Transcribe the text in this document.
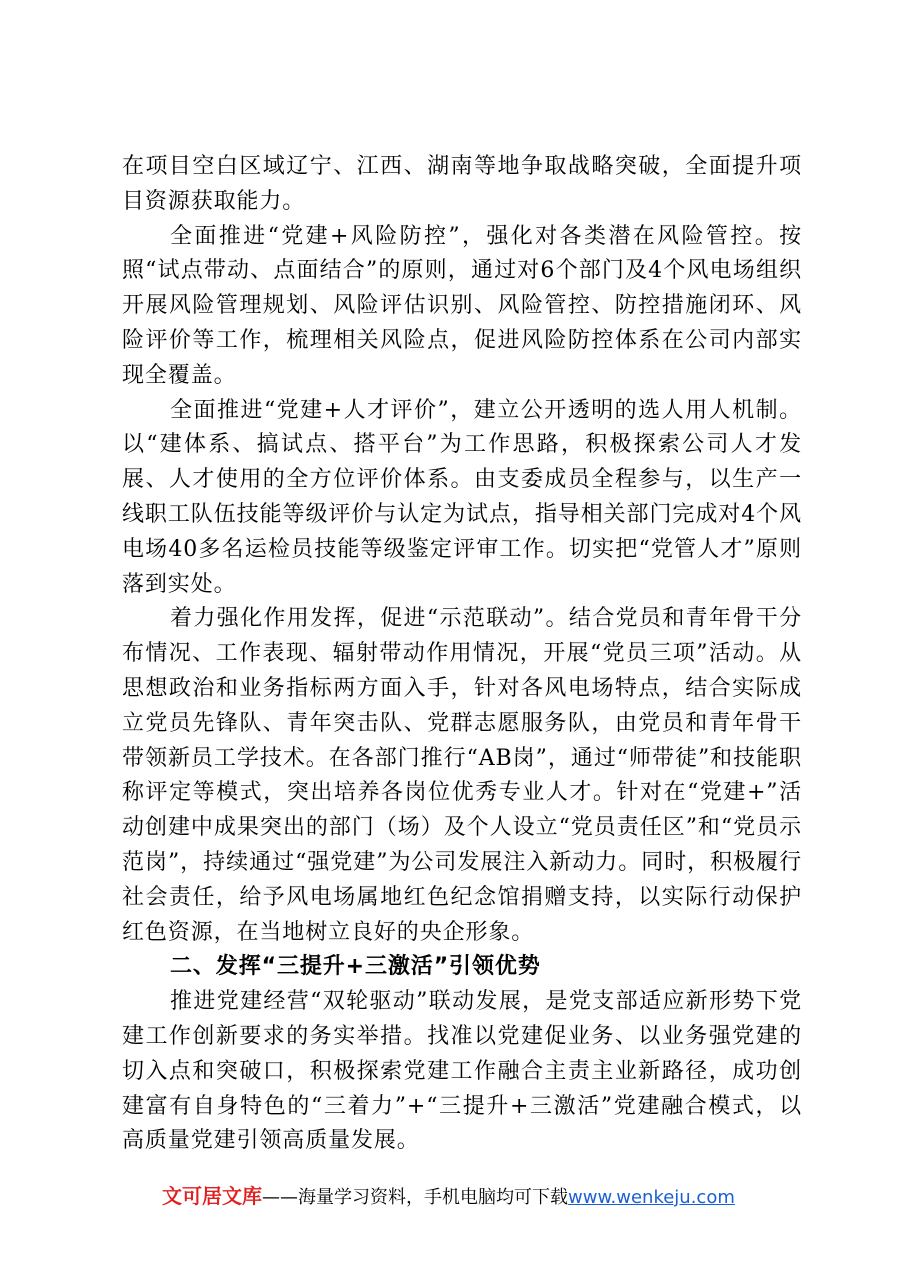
在项目空白区域辽宁、江西、湖南等地争取战略突破，全面提升项目资源获取能力。

全面推进“党建+风险防控”，强化对各类潜在风险管控。按照“试点带动、点面结合”的原则，通过对6个部门及4个风电场组织开展风险管理规划、风险评估识别、风险管控、防控措施闭环、风险评价等工作，梳理相关风险点，促进风险防控体系在公司内部实现全覆盖。

全面推进“党建+人才评价”，建立公开透明的选人用人机制。以“建体系、搞试点、搭平台”为工作思路，积极探索公司人才发展、人才使用的全方位评价体系。由支委成员全程参与，以生产一线职工队伍技能等级评价与认定为试点，指导相关部门完成对4个风电场40多名运检员技能等级鉴定评审工作。切实把“党管人才”原则落到实处。

着力强化作用发挥，促进“示范联动”。结合党员和青年骨干分布情况、工作表现、辐射带动作用情况，开展“党员三项”活动。从思想政治和业务指标两方面入手，针对各风电场特点，结合实际成立党员先锋队、青年突击队、党群志愿服务队，由党员和青年骨干带领新员工学技术。在各部门推行“AB岗”，通过“师带徒”和技能职称评定等模式，突出培养各岗位优秀专业人才。针对在“党建+”活动创建中成果突出的部门（场）及个人设立“党员责任区”和“党员示范岗”，持续通过“强党建”为公司发展注入新动力。同时，积极履行社会责任，给予风电场属地红色纪念馆捐赠支持，以实际行动保护红色资源，在当地树立良好的央企形象。

二、发挥“三提升+三激活”引领优势

推进党建经营“双轮驱动”联动发展，是党支部适应新形势下党建工作创新要求的务实举措。找准以党建促业务、以业务强党建的切入点和突破口，积极探索党建工作融合主责主业新路径，成功创建富有自身特色的“三着力”+“三提升+三激活”党建融合模式，以高质量党建引领高质量发展。

文可居文库——海量学习资料，手机电脑均可下载www.wenkeju.com
